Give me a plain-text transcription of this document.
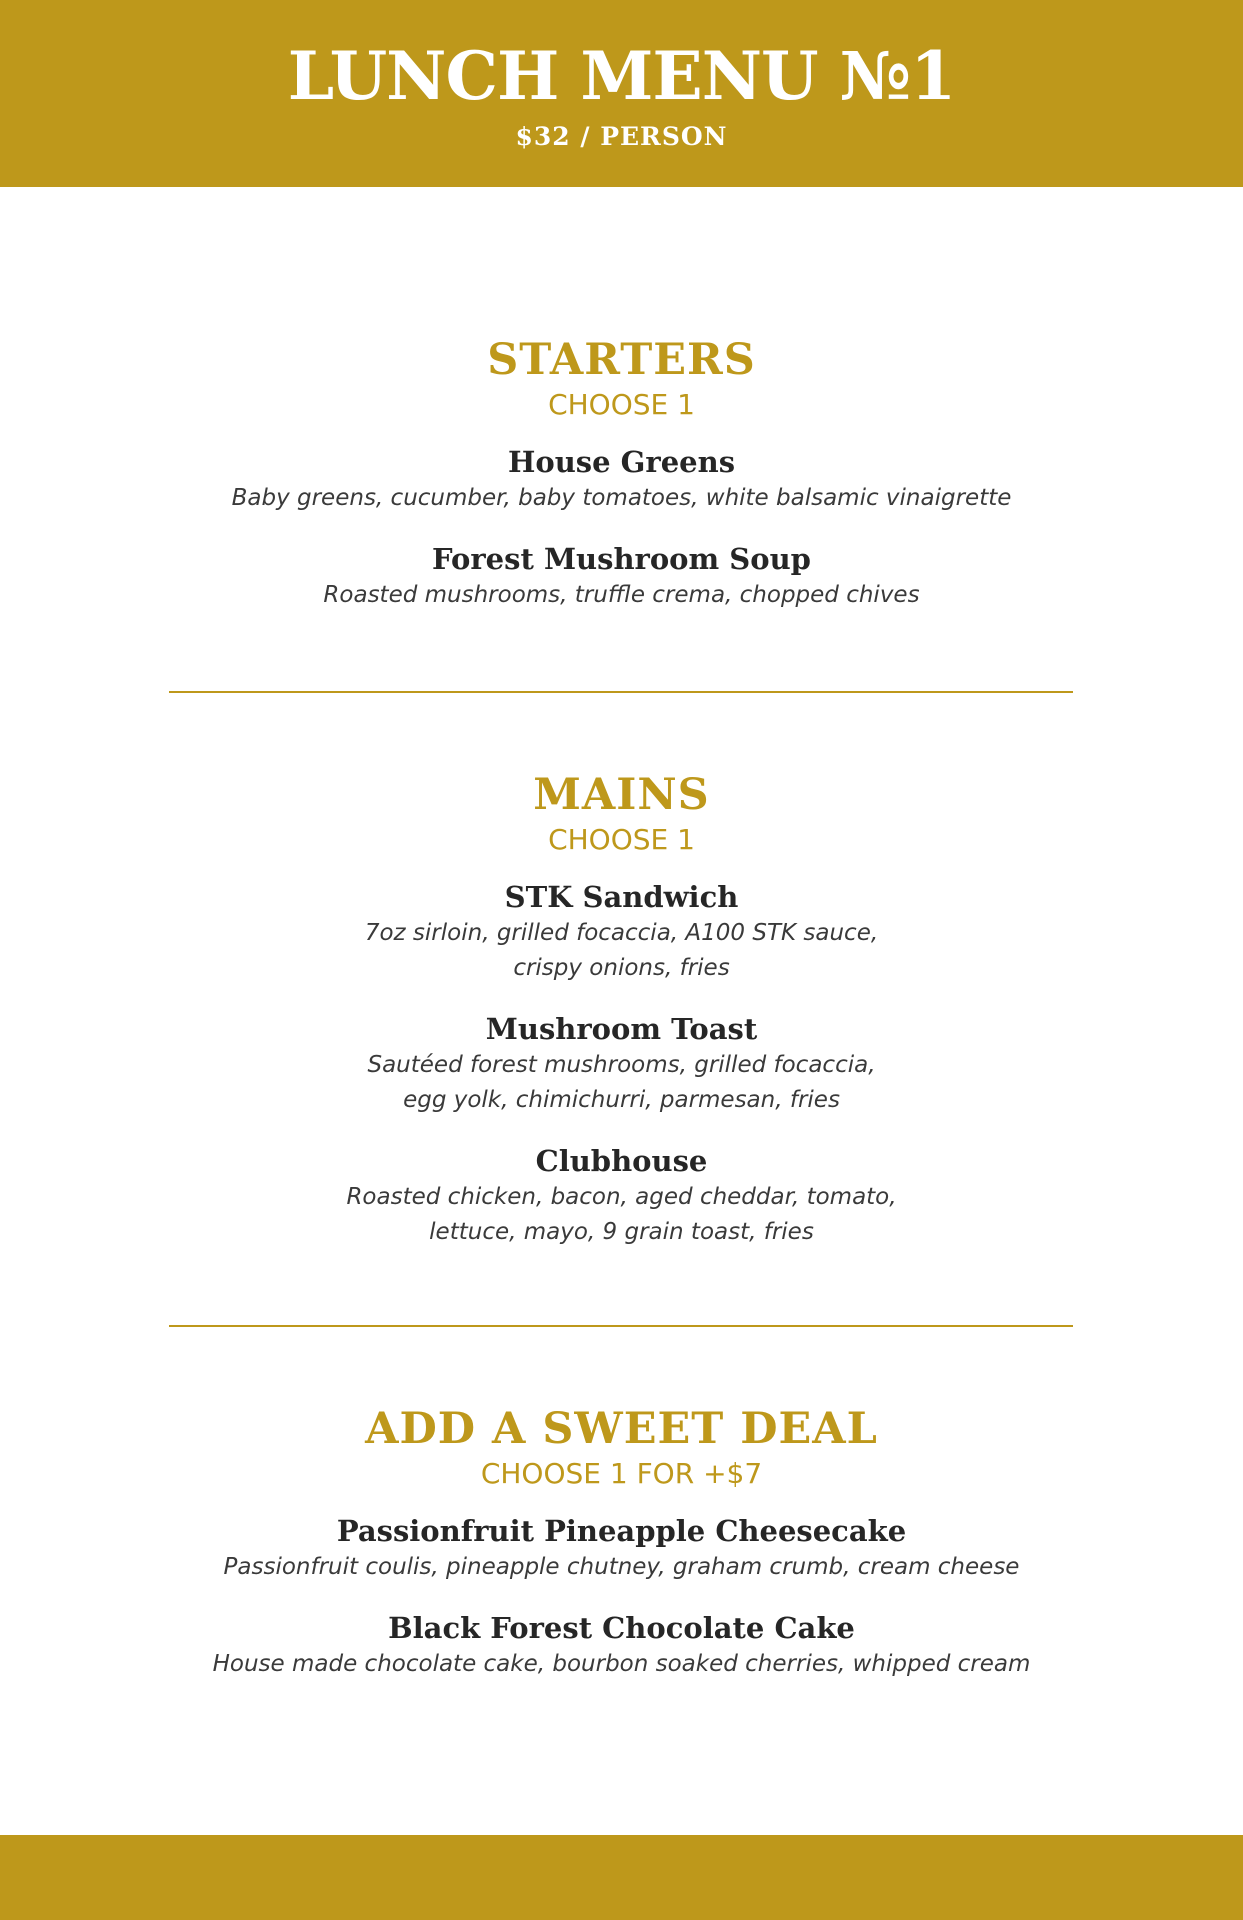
LUNCH MENU №1
$32 / PERSON
STARTERS
CHOOSE 1
House Greens
Baby greens, cucumber, baby tomatoes, white balsamic vinaigrette
Forest Mushroom Soup
Roasted mushrooms, truffle crema, chopped chives
MAINS
CHOOSE 1
STK Sandwich
7oz sirloin, grilled focaccia, A100 STK sauce,
crispy onions, fries
Mushroom Toast
Sautéed forest mushrooms, grilled focaccia,
egg yolk, chimichurri, parmesan, fries
Clubhouse
Roasted chicken, bacon, aged cheddar, tomato,
lettuce, mayo, 9 grain toast, fries
ADD A SWEET DEAL
CHOOSE 1 FOR +$7
Passionfruit Pineapple Cheesecake
Passionfruit coulis, pineapple chutney, graham crumb, cream cheese
Black Forest Chocolate Cake
House made chocolate cake, bourbon soaked cherries, whipped cream
